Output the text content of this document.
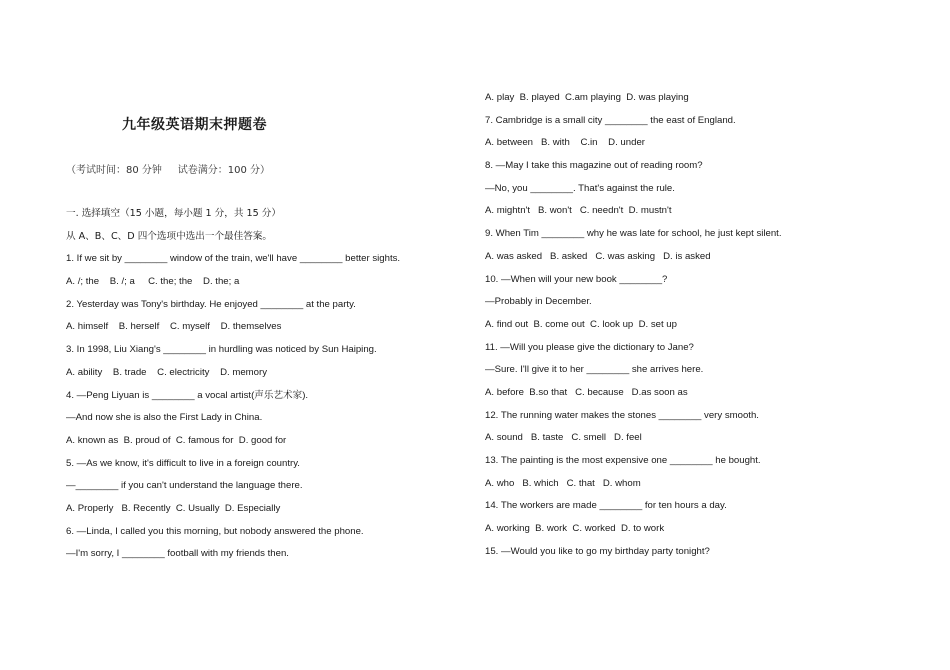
九年级英语期末押题卷
（考试时间：80 分钟     试卷满分：100 分）
一. 选择填空（15 小题，每小题 1 分，共 15 分）
从 A、B、C、D 四个选项中选出一个最佳答案。
1. If we sit by ________ window of the train, we'll have ________ better sights.
A. /; the    B. /; a     C. the; the    D. the; a
2. Yesterday was Tony's birthday. He enjoyed ________ at the party.
A. himself    B. herself    C. myself    D. themselves
3. In 1998, Liu Xiang's ________ in hurdling was noticed by Sun Haiping.
A. ability    B. trade    C. electricity    D. memory
4. —Peng Liyuan is ________ a vocal artist(声乐艺术家).
—And now she is also the First Lady in China.
A. known as  B. proud of  C. famous for  D. good for
5. —As we know, it's difficult to live in a foreign country.
—________ if you can't understand the language there.
A. Properly   B. Recently  C. Usually  D. Especially
6. —Linda, I called you this morning, but nobody answered the phone.
—I'm sorry, I ________ football with my friends then.
A. play  B. played  C.am playing  D. was playing
7. Cambridge is a small city ________ the east of England.
A. between   B. with    C.in    D. under
8. —May I take this magazine out of reading room?
—No, you ________. That's against the rule.
A. mightn't   B. won't   C. needn't  D. mustn't
9. When Tim ________ why he was late for school, he just kept silent.
A. was asked   B. asked   C. was asking   D. is asked
10. —When will your new book ________?
—Probably in December.
A. find out  B. come out  C. look up  D. set up
11. —Will you please give the dictionary to Jane?
—Sure. I'll give it to her ________ she arrives here.
A. before  B.so that   C. because   D.as soon as
12. The running water makes the stones ________ very smooth.
A. sound   B. taste   C. smell   D. feel
13. The painting is the most expensive one ________ he bought.
A. who   B. which   C. that   D. whom
14. The workers are made ________ for ten hours a day.
A. working  B. work  C. worked  D. to work
15. —Would you like to go my birthday party tonight?
